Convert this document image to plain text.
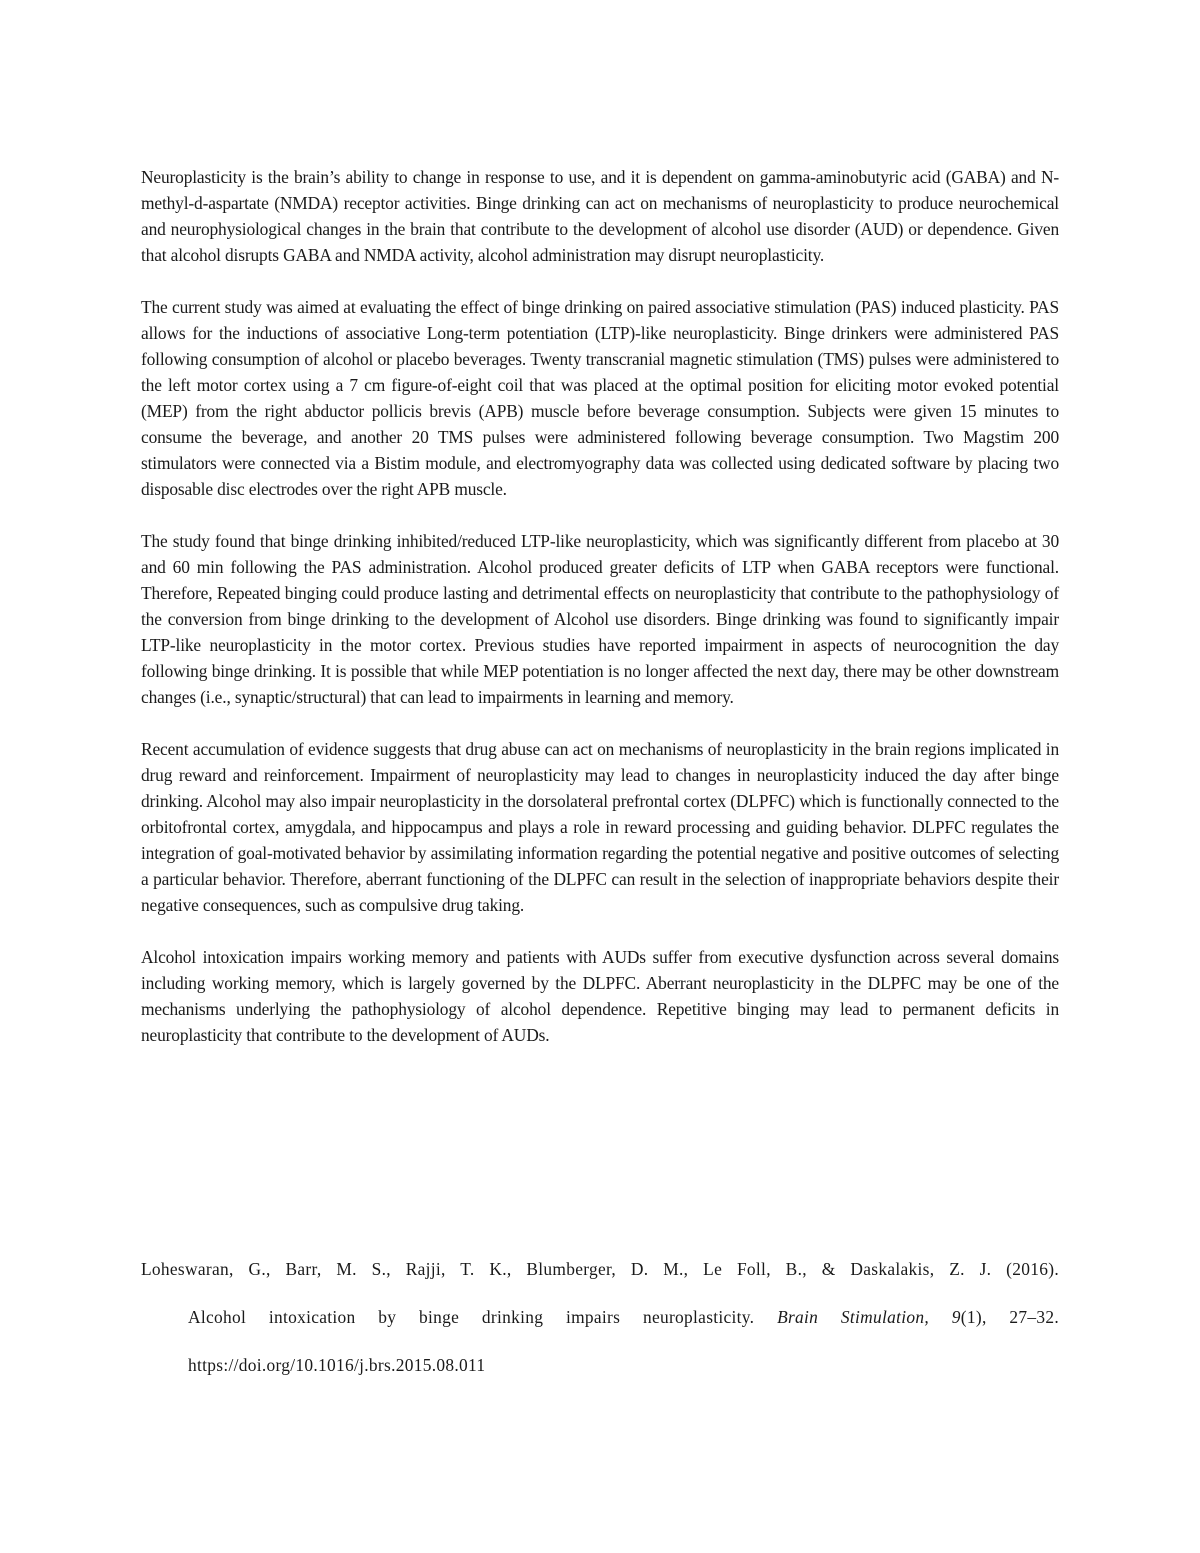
Neuroplasticity is the brain’s ability to change in response to use, and it is dependent on gamma-aminobutyric acid (GABA) and N-methyl-d-aspartate (NMDA) receptor activities. Binge drinking can act on mechanisms of neuroplasticity to produce neurochemical and neurophysiological changes in the brain that contribute to the development of alcohol use disorder (AUD) or dependence. Given that alcohol disrupts GABA and NMDA activity, alcohol administration may disrupt neuroplasticity.

The current study was aimed at evaluating the effect of binge drinking on paired associative stimulation (PAS) induced plasticity. PAS allows for the inductions of associative Long-term potentiation (LTP)-like neuroplasticity. Binge drinkers were administered PAS following consumption of alcohol or placebo beverages. Twenty transcranial magnetic stimulation (TMS) pulses were administered to the left motor cortex using a 7 cm figure-of-eight coil that was placed at the optimal position for eliciting motor evoked potential (MEP) from the right abductor pollicis brevis (APB) muscle before beverage consumption. Subjects were given 15 minutes to consume the beverage, and another 20 TMS pulses were administered following beverage consumption. Two Magstim 200 stimulators were connected via a Bistim module, and electromyography data was collected using dedicated software by placing two disposable disc electrodes over the right APB muscle.

The study found that binge drinking inhibited/reduced LTP-like neuroplasticity, which was significantly different from placebo at 30 and 60 min following the PAS administration. Alcohol produced greater deficits of LTP when GABA receptors were functional. Therefore, Repeated binging could produce lasting and detrimental effects on neuroplasticity that contribute to the pathophysiology of the conversion from binge drinking to the development of Alcohol use disorders. Binge drinking was found to significantly impair LTP-like neuroplasticity in the motor cortex. Previous studies have reported impairment in aspects of neurocognition the day following binge drinking. It is possible that while MEP potentiation is no longer affected the next day, there may be other downstream changes (i.e., synaptic/structural) that can lead to impairments in learning and memory.

Recent accumulation of evidence suggests that drug abuse can act on mechanisms of neuroplasticity in the brain regions implicated in drug reward and reinforcement. Impairment of neuroplasticity may lead to changes in neuroplasticity induced the day after binge drinking. Alcohol may also impair neuroplasticity in the dorsolateral prefrontal cortex (DLPFC) which is functionally connected to the orbitofrontal cortex, amygdala, and hippocampus and plays a role in reward processing and guiding behavior. DLPFC regulates the integration of goal-motivated behavior by assimilating information regarding the potential negative and positive outcomes of selecting a particular behavior. Therefore, aberrant functioning of the DLPFC can result in the selection of inappropriate behaviors despite their negative consequences, such as compulsive drug taking.

Alcohol intoxication impairs working memory and patients with AUDs suffer from executive dysfunction across several domains including working memory, which is largely governed by the DLPFC. Aberrant neuroplasticity in the DLPFC may be one of the mechanisms underlying the pathophysiology of alcohol dependence. Repetitive binging may lead to permanent deficits in neuroplasticity that contribute to the development of AUDs.

Loheswaran, G., Barr, M. S., Rajji, T. K., Blumberger, D. M., Le Foll, B., & Daskalakis, Z. J. (2016).

Alcohol intoxication by binge drinking impairs neuroplasticity. Brain Stimulation, 9(1), 27–32.

https://doi.org/10.1016/j.brs.2015.08.011
